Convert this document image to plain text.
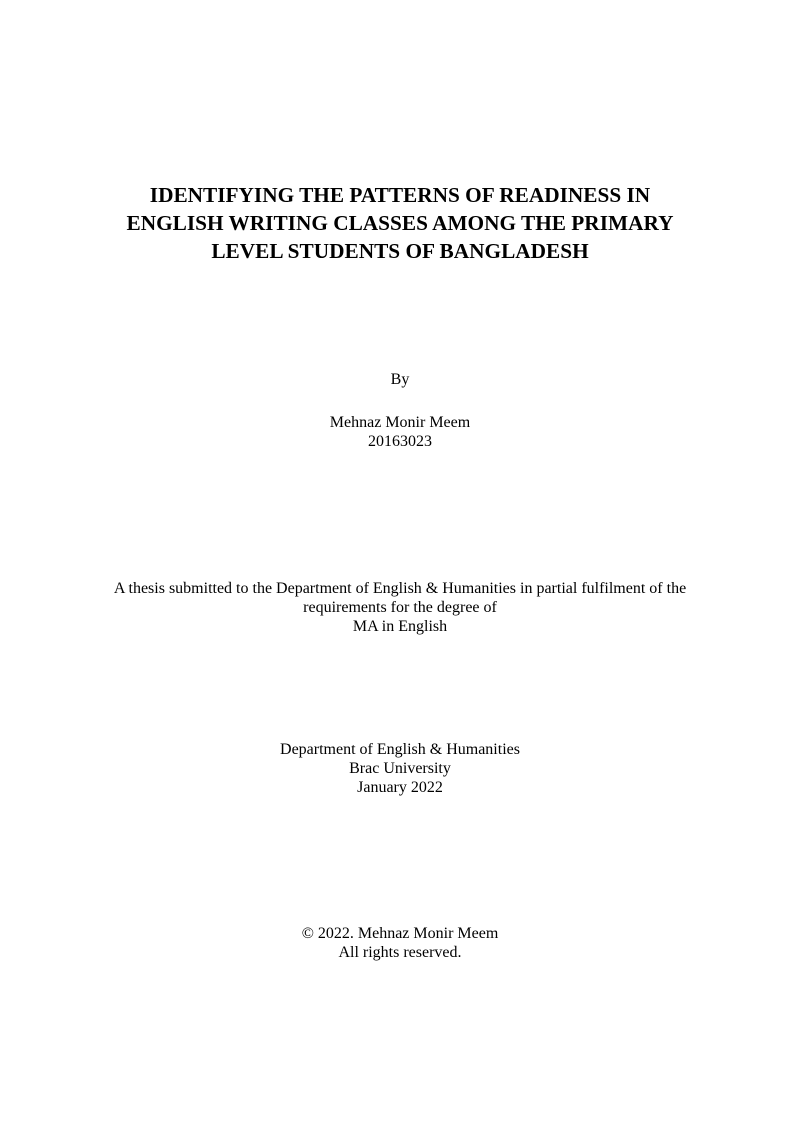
IDENTIFYING THE PATTERNS OF READINESS IN
ENGLISH WRITING CLASSES AMONG THE PRIMARY
LEVEL STUDENTS OF BANGLADESH
By
Mehnaz Monir Meem
20163023
A thesis submitted to the Department of English & Humanities in partial fulfilment of the
requirements for the degree of
MA in English
Department of English & Humanities
Brac University
January 2022
© 2022. Mehnaz Monir Meem
All rights reserved.
